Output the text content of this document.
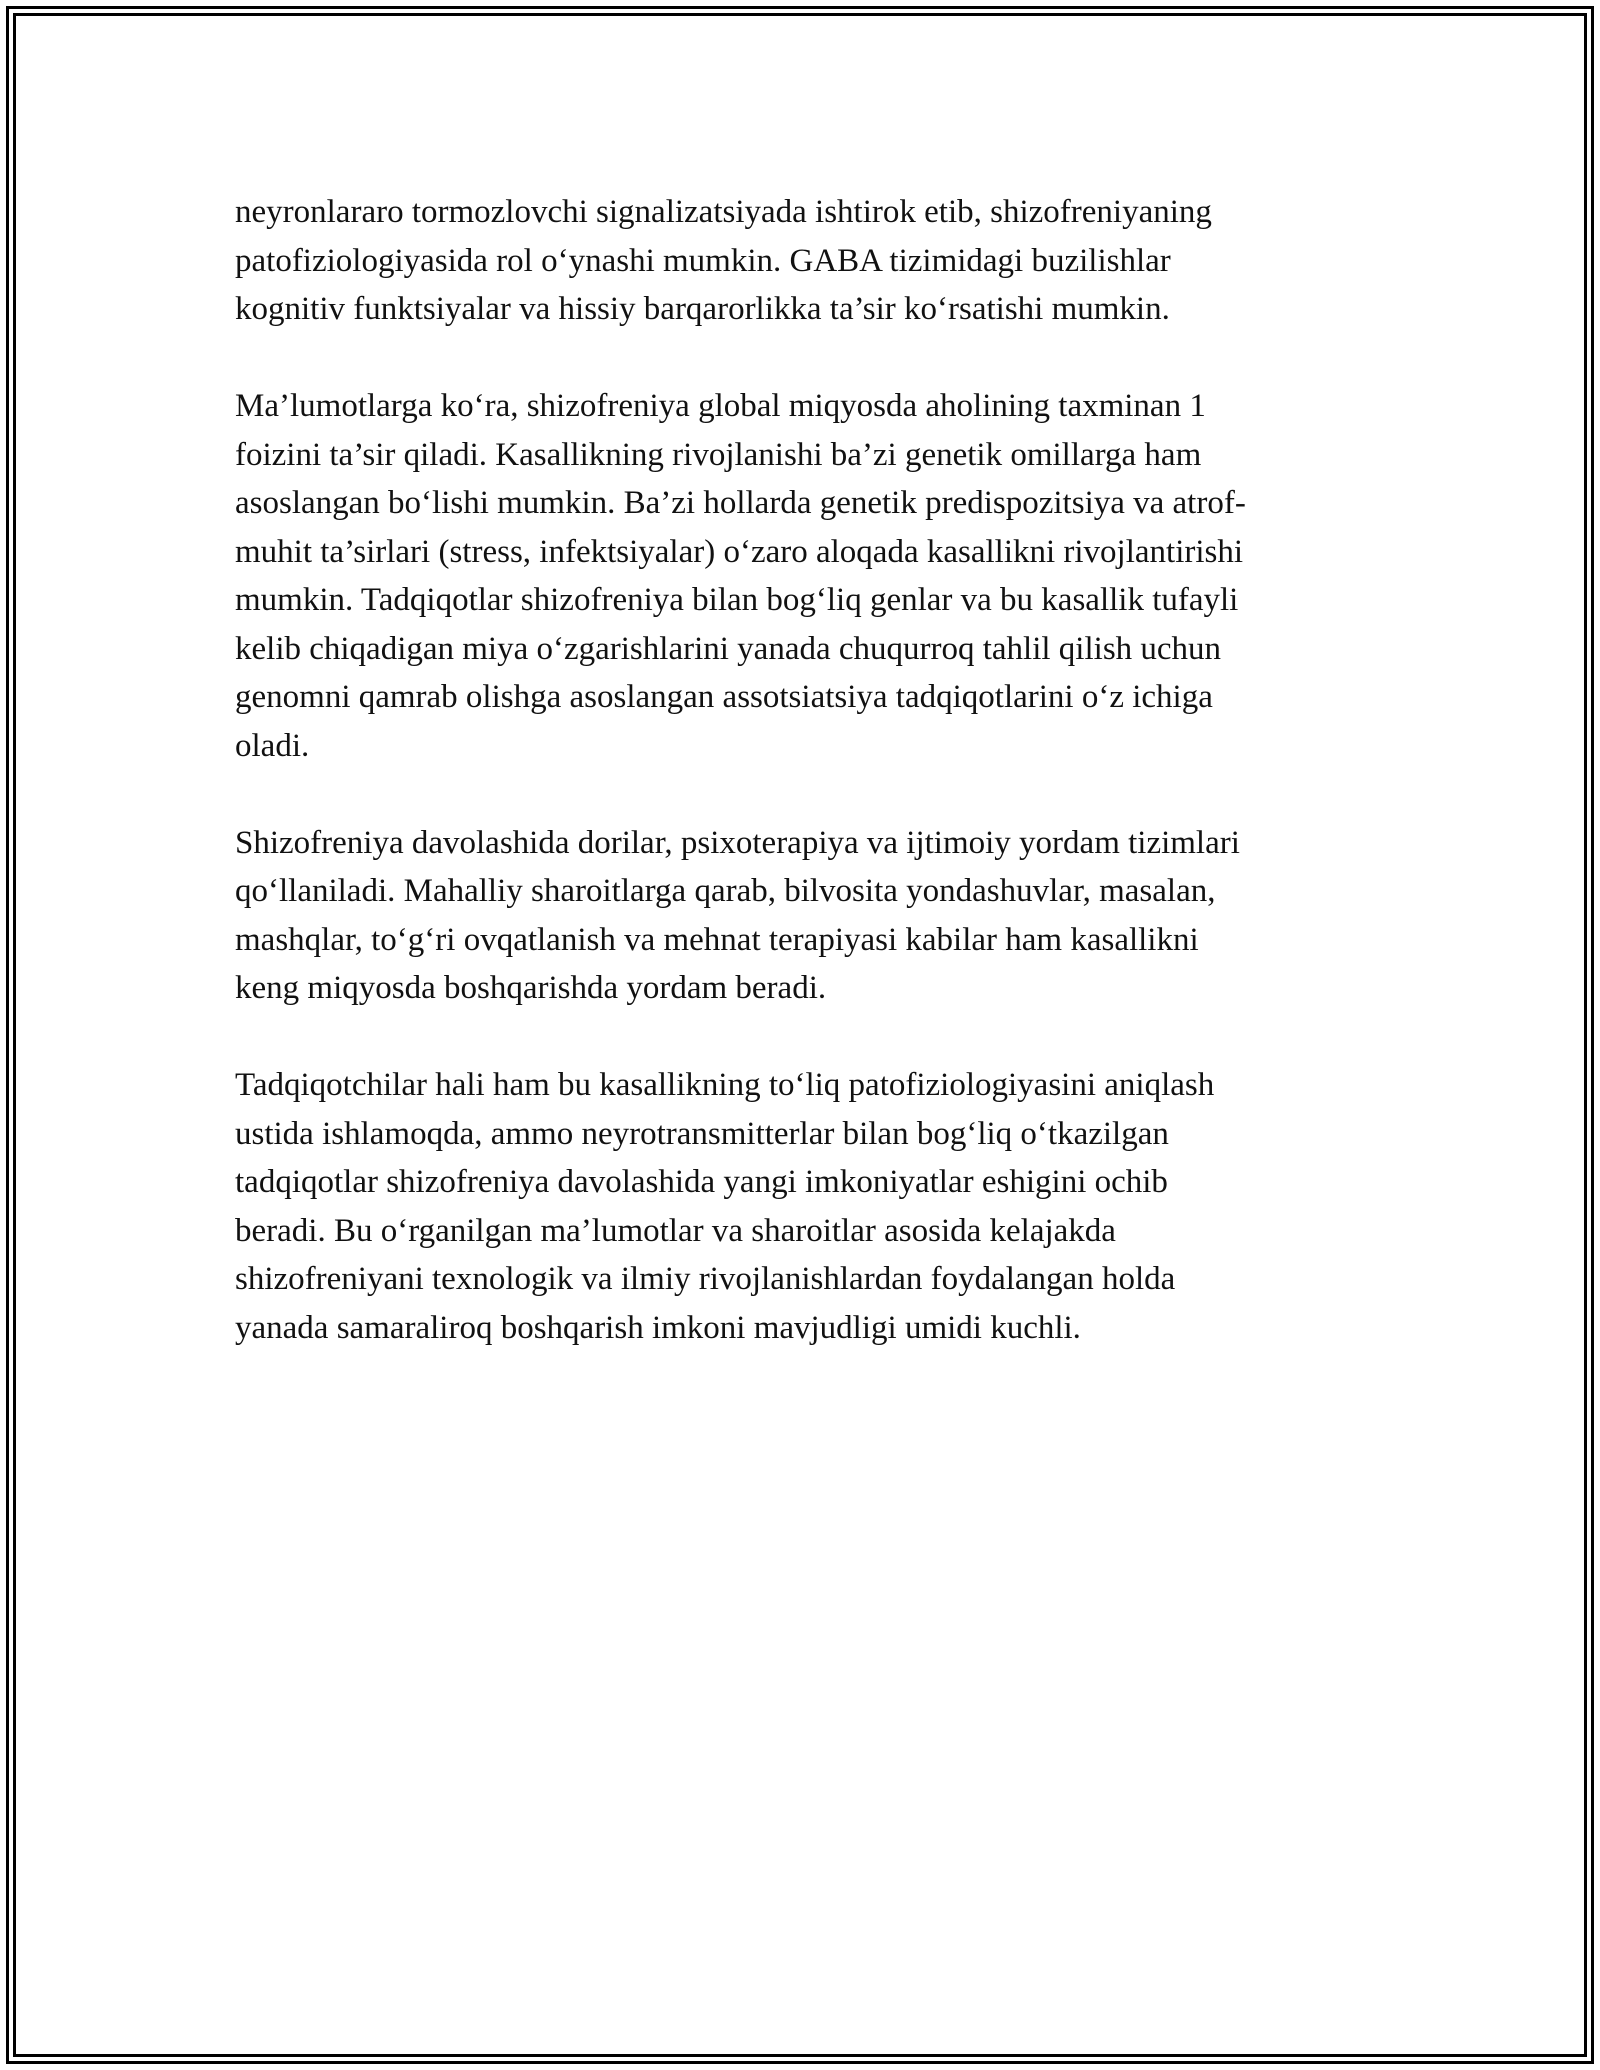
neyronlararo tormozlovchi signalizatsiyada ishtirok etib, shizofreniyaning
patofiziologiyasida rol o‘ynashi mumkin. GABA tizimidagi buzilishlar
kognitiv funktsiyalar va hissiy barqarorlikka ta’sir ko‘rsatishi mumkin.

Ma’lumotlarga ko‘ra, shizofreniya global miqyosda aholining taxminan 1
foizini ta’sir qiladi. Kasallikning rivojlanishi ba’zi genetik omillarga ham
asoslangan bo‘lishi mumkin. Ba’zi hollarda genetik predispozitsiya va atrof-
muhit ta’sirlari (stress, infektsiyalar) o‘zaro aloqada kasallikni rivojlantirishi
mumkin. Tadqiqotlar shizofreniya bilan bog‘liq genlar va bu kasallik tufayli
kelib chiqadigan miya o‘zgarishlarini yanada chuqurroq tahlil qilish uchun
genomni qamrab olishga asoslangan assotsiatsiya tadqiqotlarini o‘z ichiga
oladi.

Shizofreniya davolashida dorilar, psixoterapiya va ijtimoiy yordam tizimlari
qo‘llaniladi. Mahalliy sharoitlarga qarab, bilvosita yondashuvlar, masalan,
mashqlar, to‘g‘ri ovqatlanish va mehnat terapiyasi kabilar ham kasallikni
keng miqyosda boshqarishda yordam beradi.

Tadqiqotchilar hali ham bu kasallikning to‘liq patofiziologiyasini aniqlash
ustida ishlamoqda, ammo neyrotransmitterlar bilan bog‘liq o‘tkazilgan
tadqiqotlar shizofreniya davolashida yangi imkoniyatlar eshigini ochib
beradi. Bu o‘rganilgan ma’lumotlar va sharoitlar asosida kelajakda
shizofreniyani texnologik va ilmiy rivojlanishlardan foydalangan holda
yanada samaraliroq boshqarish imkoni mavjudligi umidi kuchli.
